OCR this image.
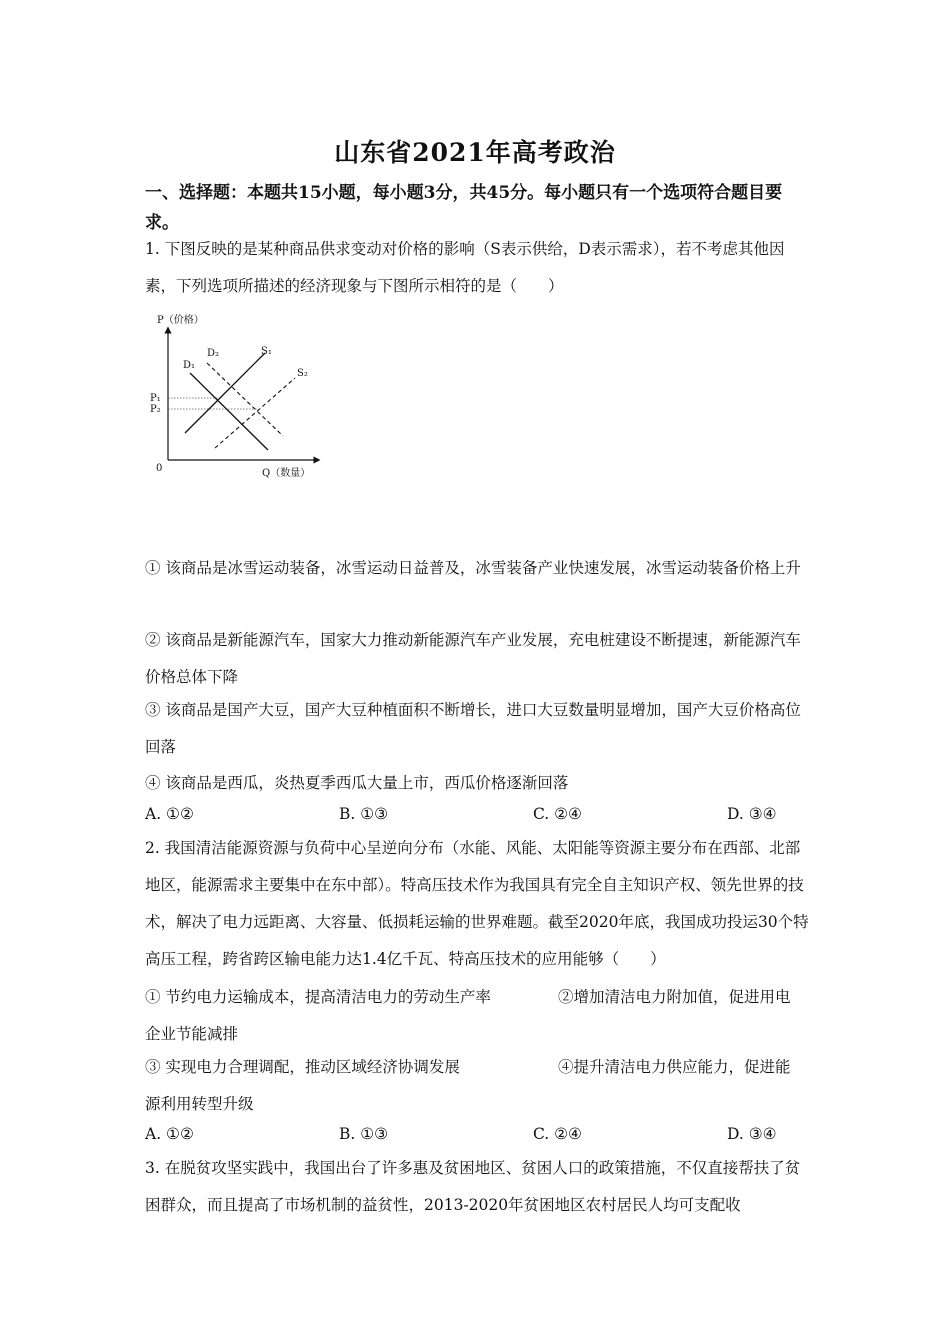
山东省2021年高考政治
一、选择题：本题共15小题，每小题3分，共45分。每小题只有一个选项符合题目要求。
1. 下图反映的是某种商品供求变动对价格的影响（S表示供给，D表示需求），若不考虑其他因素，下列选项所描述的经济现象与下图所示相符的是（　　）
P（价格）
Q（数量）
0
P₁
P₂
D₁
D₂	S₁
S₂
① 该商品是冰雪运动装备，冰雪运动日益普及，冰雪装备产业快速发展，冰雪运动装备价格上升
② 该商品是新能源汽车，国家大力推动新能源汽车产业发展，充电桩建设不断提速，新能源汽车价格总体下降
③ 该商品是国产大豆，国产大豆种植面积不断增长，进口大豆数量明显增加，国产大豆价格高位回落
④ 该商品是西瓜，炎热夏季西瓜大量上市，西瓜价格逐渐回落
A. ①②	B. ①③	C. ②④	D. ③④
2. 我国清洁能源资源与负荷中心呈逆向分布（水能、风能、太阳能等资源主要分布在西部、北部地区，能源需求主要集中在东中部）。特高压技术作为我国具有完全自主知识产权、领先世界的技术，解决了电力远距离、大容量、低损耗运输的世界难题。截至2020年底，我国成功投运30个特高压工程，跨省跨区输电能力达1.4亿千瓦、特高压技术的应用能够（　　）
① 节约电力运输成本，提高清洁电力的劳动生产率	②增加清洁电力附加值，促进用电
企业节能减排
③ 实现电力合理调配，推动区域经济协调发展	④提升清洁电力供应能力，促进能
源利用转型升级
A. ①②	B. ①③	C. ②④	D. ③④
3. 在脱贫攻坚实践中，我国出台了许多惠及贫困地区、贫困人口的政策措施，不仅直接帮扶了贫困群众，而且提高了市场机制的益贫性，2013-2020年贫困地区农村居民人均可支配收
